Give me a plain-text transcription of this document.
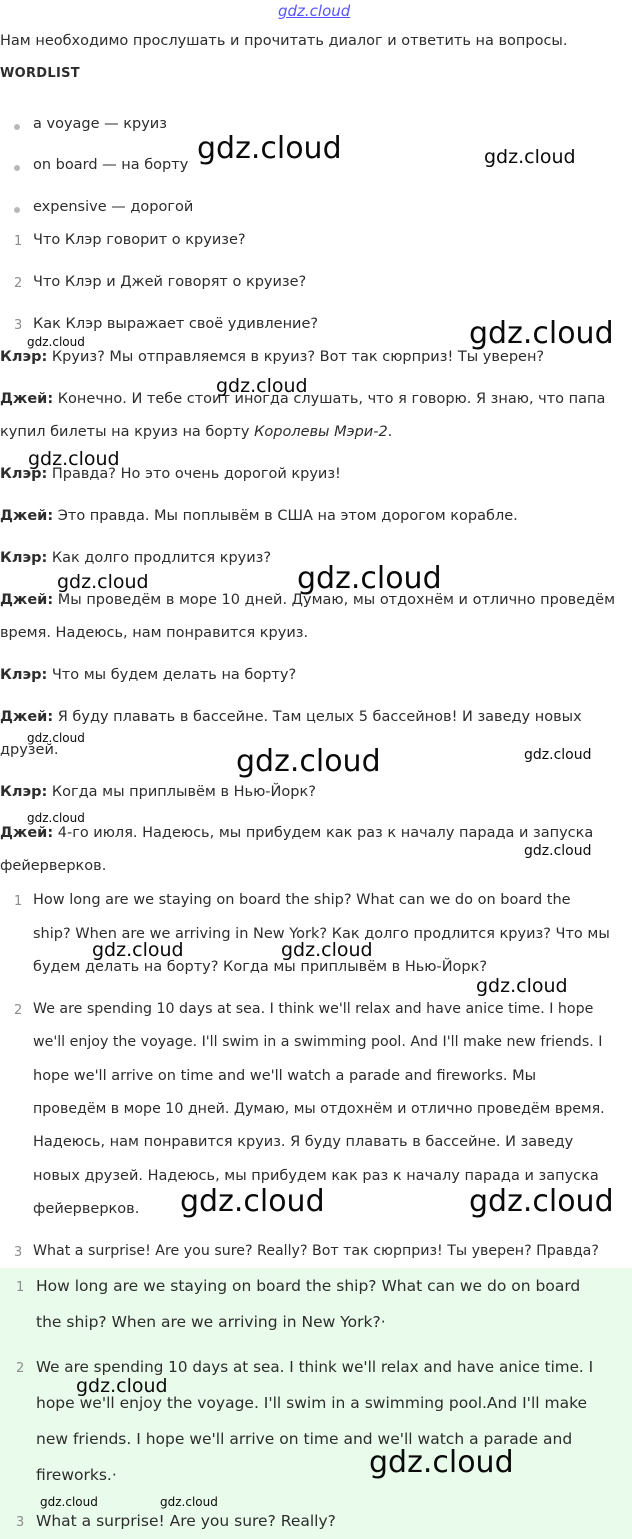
Нам необходимо прослушать и прочитать диалог и ответить на вопросы.
WORDLIST
a voyage — круиз
on board — на борту
expensive — дорогой
1 Что Клэр говорит о круизе?
2 Что Клэр и Джей говорят о круизе?
3 Как Клэр выражает своё удивление?
Клэр: Круиз? Мы отправляемся в круиз? Вот так сюрприз! Ты уверен?
Джей: Конечно. И тебе стоит иногда слушать, что я говорю. Я знаю, что папа
купил билеты на круиз на борту Королевы Мэри-2.
Клэр: Правда? Но это очень дорогой круиз!
Джей: Это правда. Мы поплывём в США на этом дорогом корабле.
Клэр: Как долго продлится круиз?
Джей: Мы проведём в море 10 дней. Думаю, мы отдохнём и отлично проведём
время. Надеюсь, нам понравится круиз.
Клэр: Что мы будем делать на борту?
Джей: Я буду плавать в бассейне. Там целых 5 бассейнов! И заведу новых
друзей.
Клэр: Когда мы приплывём в Нью-Йорк?
Джей: 4-го июля. Надеюсь, мы прибудем как раз к началу парада и запуска
фейерверков.
1 How long are we staying on board the ship? What can we do on board the
ship? When are we arriving in New York? Как долго продлится круиз? Что мы
будем делать на борту? Когда мы приплывём в Нью-Йорк?
2 We are spending 10 days at sea. I think we'll relax and have anice time. I hope
we'll enjoy the voyage. I'll swim in a swimming pool. And I'll make new friends. I
hope we'll arrive on time and we'll watch a parade and fireworks. Мы
проведём в море 10 дней. Думаю, мы отдохнём и отлично проведём время.
Надеюсь, нам понравится круиз. Я буду плавать в бассейне. И заведу
новых друзей. Надеюсь, мы прибудем как раз к началу парада и запуска
фейерверков.
3 What a surprise! Are you sure? Really? Вот так сюрприз! Ты уверен? Правда?
1 How long are we staying on board the ship? What can we do on board
the ship? When are we arriving in New York?·
2 We are spending 10 days at sea. I think we'll relax and have anice time. I
hope we'll enjoy the voyage. I'll swim in a swimming pool.And I'll make
new friends. I hope we'll arrive on time and we'll watch a parade and
fireworks.·
3 What a surprise! Are you sure? Really?
gdz.cloud
gdz.cloud	gdz.cloud
gdz.cloud
gdz.cloud
gdz.cloud
gdz.cloud
gdz.cloud	gdz.cloud
gdz.cloud
gdz.cloud	gdz.cloud
gdz.cloud
gdz.cloud
gdz.cloud	gdz.cloud
gdz.cloud
gdz.cloud	gdz.cloud
gdz.cloud
gdz.cloud
gdz.cloud	gdz.cloud
